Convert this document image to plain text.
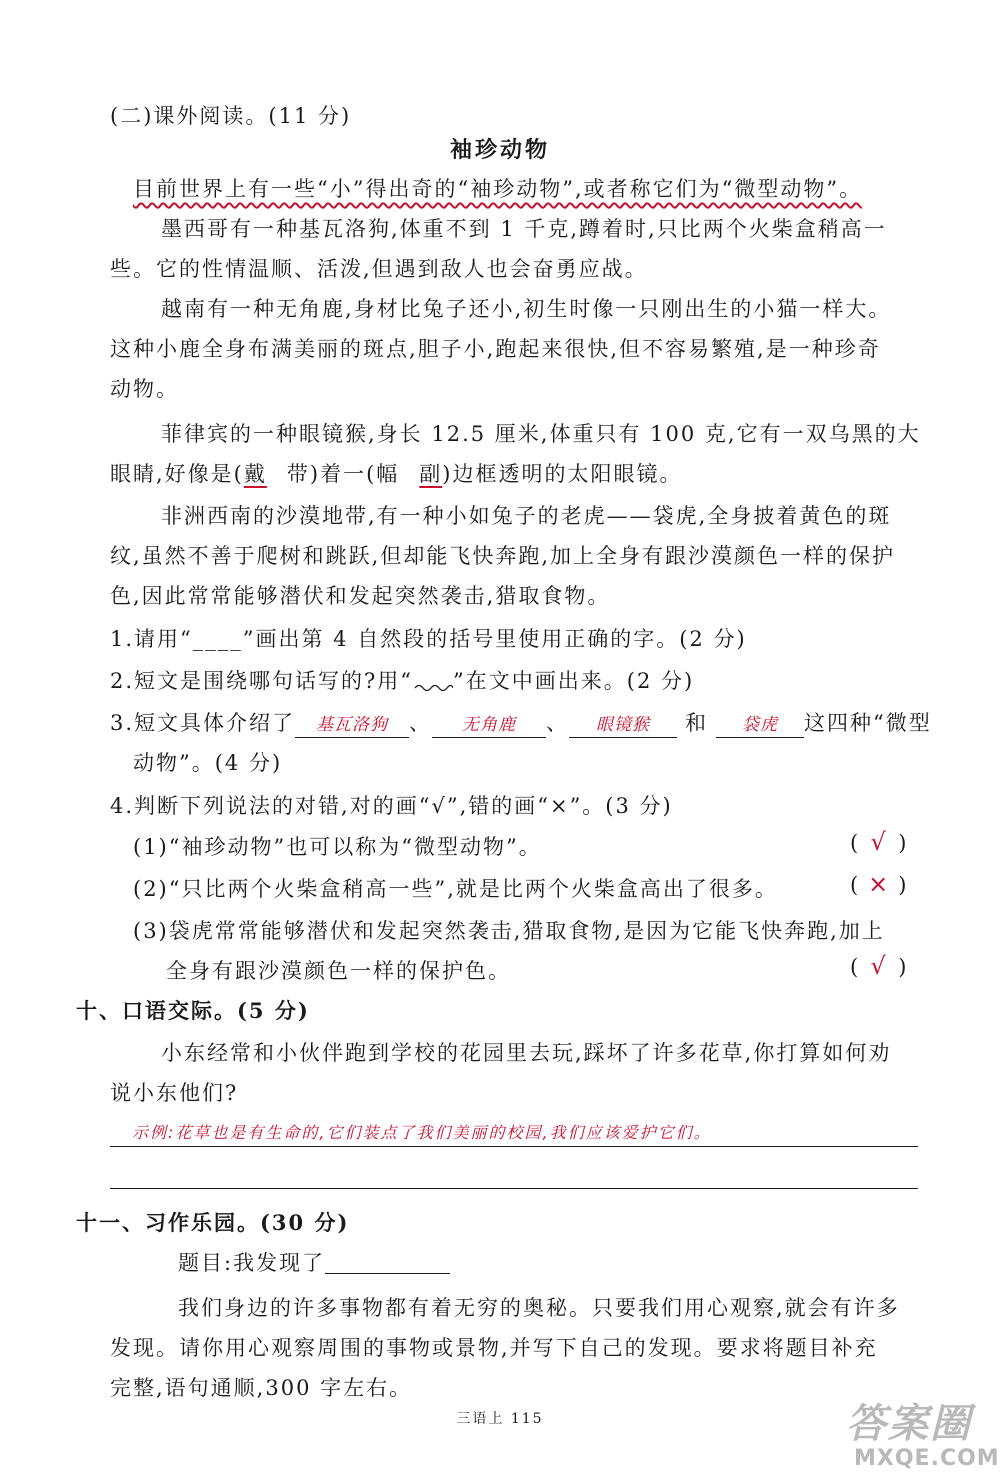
(二)课外阅读。(11 分)
袖珍动物
目前世界上有一些“小”得出奇的“袖珍动物”,或者称它们为“微型动物”。
墨西哥有一种基瓦洛狗,体重不到 1 千克,蹲着时,只比两个火柴盒稍高一
些。它的性情温顺、活泼,但遇到敌人也会奋勇应战。
越南有一种无角鹿,身材比兔子还小,初生时像一只刚出生的小猫一样大。
这种小鹿全身布满美丽的斑点,胆子小,跑起来很快,但不容易繁殖,是一种珍奇
动物。
菲律宾的一种眼镜猴,身长 12.5 厘米,体重只有 100 克,它有一双乌黑的大
眼睛,好像是(戴 带)着一(幅 副)边框透明的太阳眼镜。
非洲西南的沙漠地带,有一种小如兔子的老虎——袋虎,全身披着黄色的斑
纹,虽然不善于爬树和跳跃,但却能飞快奔跑,加上全身有跟沙漠颜色一样的保护
色,因此常常能够潜伏和发起突然袭击,猎取食物。
1.请用“____”画出第 4 自然段的括号里使用正确的字。(2 分)
2.短文是围绕哪句话写的?用“ ”在文中画出来。(2 分)
3.短文具体介绍了 基瓦洛狗 、 无角鹿 、 眼镜猴 和 袋虎 这四种“微型
动物”。(4 分)
4.判断下列说法的对错,对的画“√”,错的画“×”。(3 分)
(1)“袖珍动物”也可以称为“微型动物”。	( √ )
(2)“只比两个火柴盒稍高一些”,就是比两个火柴盒高出了很多。	( × )
(3)袋虎常常能够潜伏和发起突然袭击,猎取食物,是因为它能飞快奔跑,加上
全身有跟沙漠颜色一样的保护色。	( √ )
十、口语交际。(5 分)
小东经常和小伙伴跑到学校的花园里去玩,踩坏了许多花草,你打算如何劝
说小东他们?
示例:花草也是有生命的,它们装点了我们美丽的校园,我们应该爱护它们。
十一、习作乐园。(30 分)
题目:我发现了
我们身边的许多事物都有着无穷的奥秘。只要我们用心观察,就会有许多
发现。请你用心观察周围的事物或景物,并写下自己的发现。要求将题目补充
完整,语句通顺,300 字左右。
三语上 115	答案圈
MXQE.COM
